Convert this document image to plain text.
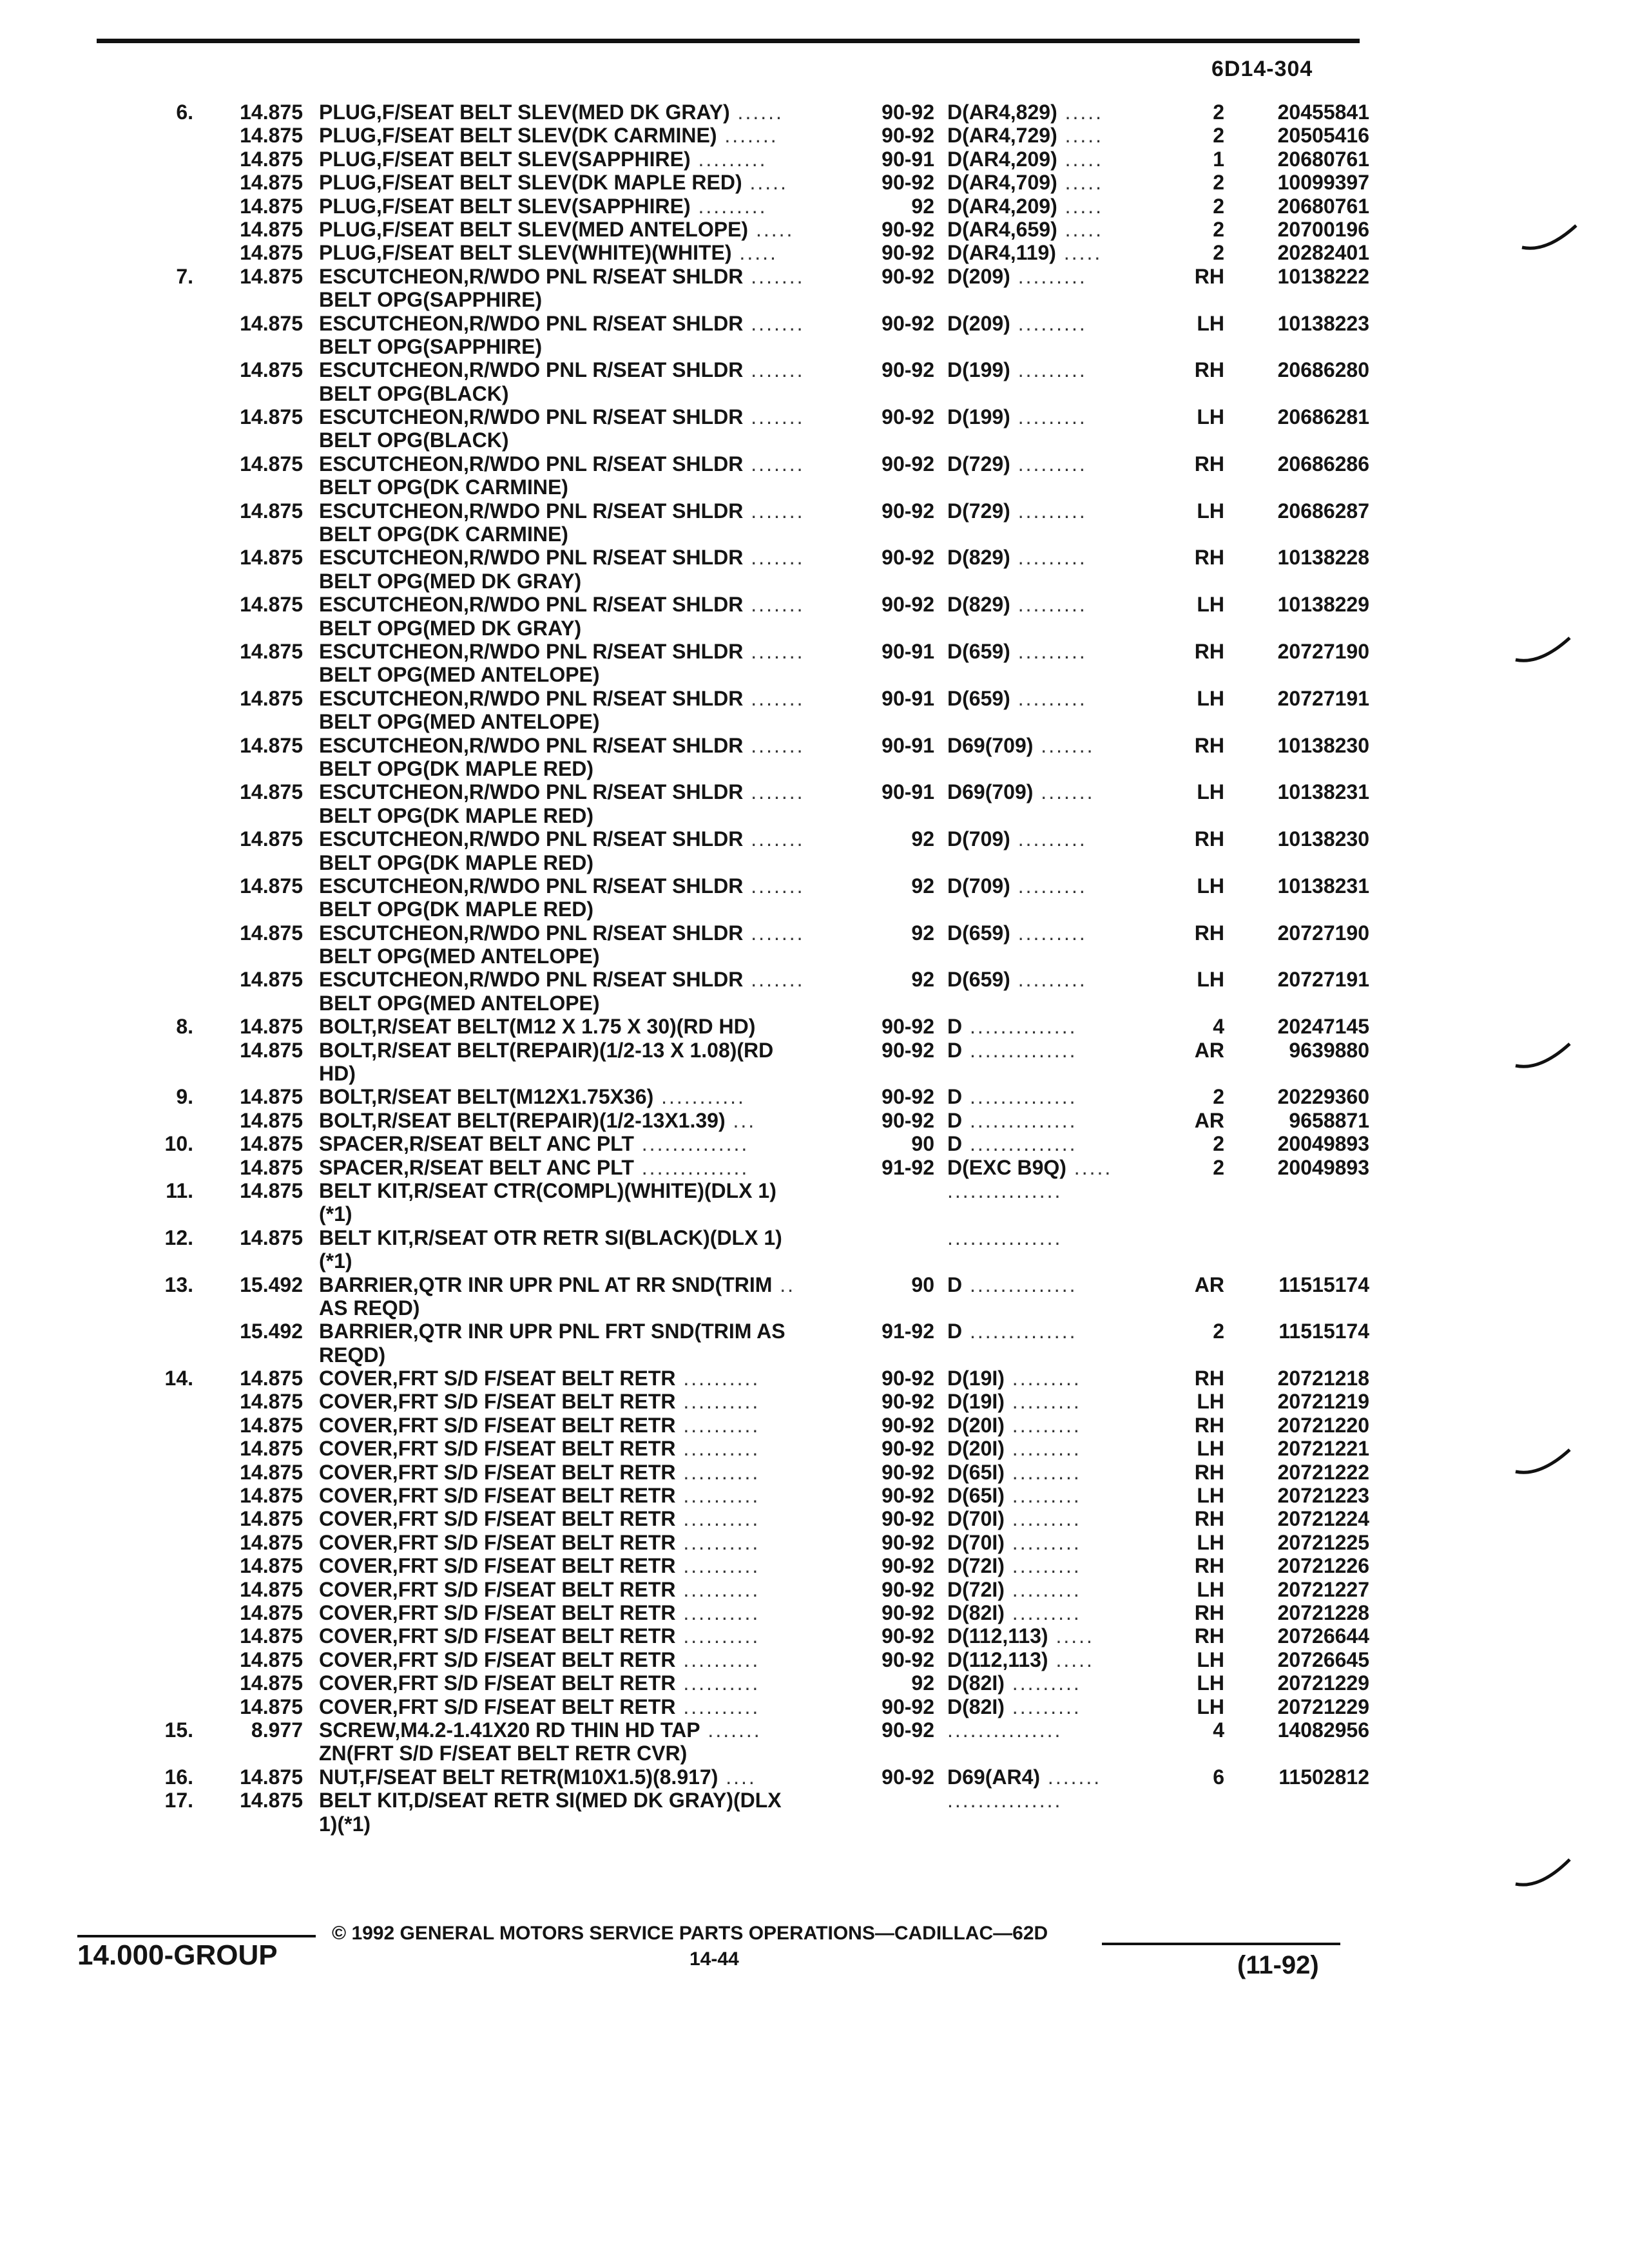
6D14-304
6.	14.875 PLUG,F/SEAT BELT SLEV(MED DK GRAY) ......	90-92 D(AR4,829) .....	2	20455841
14.875 PLUG,F/SEAT BELT SLEV(DK CARMINE) .......	90-92 D(AR4,729) .....	2	20505416
14.875 PLUG,F/SEAT BELT SLEV(SAPPHIRE) .........	90-91 D(AR4,209) .....	1	20680761
14.875 PLUG,F/SEAT BELT SLEV(DK MAPLE RED) .....	90-92 D(AR4,709) .....	2	10099397
14.875 PLUG,F/SEAT BELT SLEV(SAPPHIRE) .........	92 D(AR4,209) .....	2	20680761
14.875 PLUG,F/SEAT BELT SLEV(MED ANTELOPE) .....	90-92 D(AR4,659) .....	2	20700196
14.875 PLUG,F/SEAT BELT SLEV(WHITE)(WHITE) .....	90-92 D(AR4,119) .....	2	20282401
7.	14.875 ESCUTCHEON,R/WDO PNL R/SEAT SHLDR .......	90-92 D(209) .........	RH	10138222
BELT OPG(SAPPHIRE)
14.875 ESCUTCHEON,R/WDO PNL R/SEAT SHLDR .......	90-92 D(209) .........	LH	10138223
BELT OPG(SAPPHIRE)
14.875 ESCUTCHEON,R/WDO PNL R/SEAT SHLDR .......	90-92 D(199) .........	RH	20686280
BELT OPG(BLACK)
14.875 ESCUTCHEON,R/WDO PNL R/SEAT SHLDR .......	90-92 D(199) .........	LH	20686281
BELT OPG(BLACK)
14.875 ESCUTCHEON,R/WDO PNL R/SEAT SHLDR .......	90-92 D(729) .........	RH	20686286
BELT OPG(DK CARMINE)
14.875 ESCUTCHEON,R/WDO PNL R/SEAT SHLDR .......	90-92 D(729) .........	LH	20686287
BELT OPG(DK CARMINE)
14.875 ESCUTCHEON,R/WDO PNL R/SEAT SHLDR .......	90-92 D(829) .........	RH	10138228
BELT OPG(MED DK GRAY)
14.875 ESCUTCHEON,R/WDO PNL R/SEAT SHLDR .......	90-92 D(829) .........	LH	10138229
BELT OPG(MED DK GRAY)
14.875 ESCUTCHEON,R/WDO PNL R/SEAT SHLDR .......	90-91 D(659) .........	RH	20727190
BELT OPG(MED ANTELOPE)
14.875 ESCUTCHEON,R/WDO PNL R/SEAT SHLDR .......	90-91 D(659) .........	LH	20727191
BELT OPG(MED ANTELOPE)
14.875 ESCUTCHEON,R/WDO PNL R/SEAT SHLDR .......	90-91 D69(709) .......	RH	10138230
BELT OPG(DK MAPLE RED)
14.875 ESCUTCHEON,R/WDO PNL R/SEAT SHLDR .......	90-91 D69(709) .......	LH	10138231
BELT OPG(DK MAPLE RED)
14.875 ESCUTCHEON,R/WDO PNL R/SEAT SHLDR .......	92 D(709) .........	RH	10138230
BELT OPG(DK MAPLE RED)
14.875 ESCUTCHEON,R/WDO PNL R/SEAT SHLDR .......	92 D(709) .........	LH	10138231
BELT OPG(DK MAPLE RED)
14.875 ESCUTCHEON,R/WDO PNL R/SEAT SHLDR .......	92 D(659) .........	RH	20727190
BELT OPG(MED ANTELOPE)
14.875 ESCUTCHEON,R/WDO PNL R/SEAT SHLDR .......	92 D(659) .........	LH	20727191
BELT OPG(MED ANTELOPE)
8.	14.875 BOLT,R/SEAT BELT(M12 X 1.75 X 30)(RD HD)	90-92 D ..............	4	20247145
14.875 BOLT,R/SEAT BELT(REPAIR)(1/2-13 X 1.08)(RD	90-92 D ..............	AR	9639880
HD)
9.	14.875 BOLT,R/SEAT BELT(M12X1.75X36) ...........	90-92 D ..............	2	20229360
14.875 BOLT,R/SEAT BELT(REPAIR)(1/2-13X1.39) ...	90-92 D ..............	AR	9658871
10.	14.875 SPACER,R/SEAT BELT ANC PLT ..............	90 D ..............	2	20049893
14.875 SPACER,R/SEAT BELT ANC PLT ..............	91-92 D(EXC B9Q) .....	2	20049893
11.	14.875 BELT KIT,R/SEAT CTR(COMPL)(WHITE)(DLX 1)	...............
(*1)
12.	14.875 BELT KIT,R/SEAT OTR RETR SI(BLACK)(DLX 1)	...............
(*1)
13.	15.492 BARRIER,QTR INR UPR PNL AT RR SND(TRIM ..	90 D ..............	AR	11515174
AS REQD)
15.492 BARRIER,QTR INR UPR PNL FRT SND(TRIM AS	91-92 D ..............	2	11515174
REQD)
14.	14.875 COVER,FRT S/D F/SEAT BELT RETR ..........	90-92 D(19I) .........	RH	20721218
14.875 COVER,FRT S/D F/SEAT BELT RETR ..........	90-92 D(19I) .........	LH	20721219
14.875 COVER,FRT S/D F/SEAT BELT RETR ..........	90-92 D(20I) .........	RH	20721220
14.875 COVER,FRT S/D F/SEAT BELT RETR ..........	90-92 D(20I) .........	LH	20721221
14.875 COVER,FRT S/D F/SEAT BELT RETR ..........	90-92 D(65I) .........	RH	20721222
14.875 COVER,FRT S/D F/SEAT BELT RETR ..........	90-92 D(65I) .........	LH	20721223
14.875 COVER,FRT S/D F/SEAT BELT RETR ..........	90-92 D(70I) .........	RH	20721224
14.875 COVER,FRT S/D F/SEAT BELT RETR ..........	90-92 D(70I) .........	LH	20721225
14.875 COVER,FRT S/D F/SEAT BELT RETR ..........	90-92 D(72I) .........	RH	20721226
14.875 COVER,FRT S/D F/SEAT BELT RETR ..........	90-92 D(72I) .........	LH	20721227
14.875 COVER,FRT S/D F/SEAT BELT RETR ..........	90-92 D(82I) .........	RH	20721228
14.875 COVER,FRT S/D F/SEAT BELT RETR ..........	90-92 D(112,113) .....	RH	20726644
14.875 COVER,FRT S/D F/SEAT BELT RETR ..........	90-92 D(112,113) .....	LH	20726645
14.875 COVER,FRT S/D F/SEAT BELT RETR ..........	92 D(82I) .........	LH	20721229
14.875 COVER,FRT S/D F/SEAT BELT RETR ..........	90-92 D(82I) .........	LH	20721229
15.	8.977 SCREW,M4.2-1.41X20 RD THIN HD TAP .......	90-92 ...............	4	14082956
ZN(FRT S/D F/SEAT BELT RETR CVR)
16.	14.875 NUT,F/SEAT BELT RETR(M10X1.5)(8.917) ....	90-92 D69(AR4) .......	6	11502812
17.	14.875 BELT KIT,D/SEAT RETR SI(MED DK GRAY)(DLX	...............
1)(*1)
© 1992 GENERAL MOTORS SERVICE PARTS OPERATIONS—CADILLAC—62D
14.000-GROUP	14-44	(11-92)
